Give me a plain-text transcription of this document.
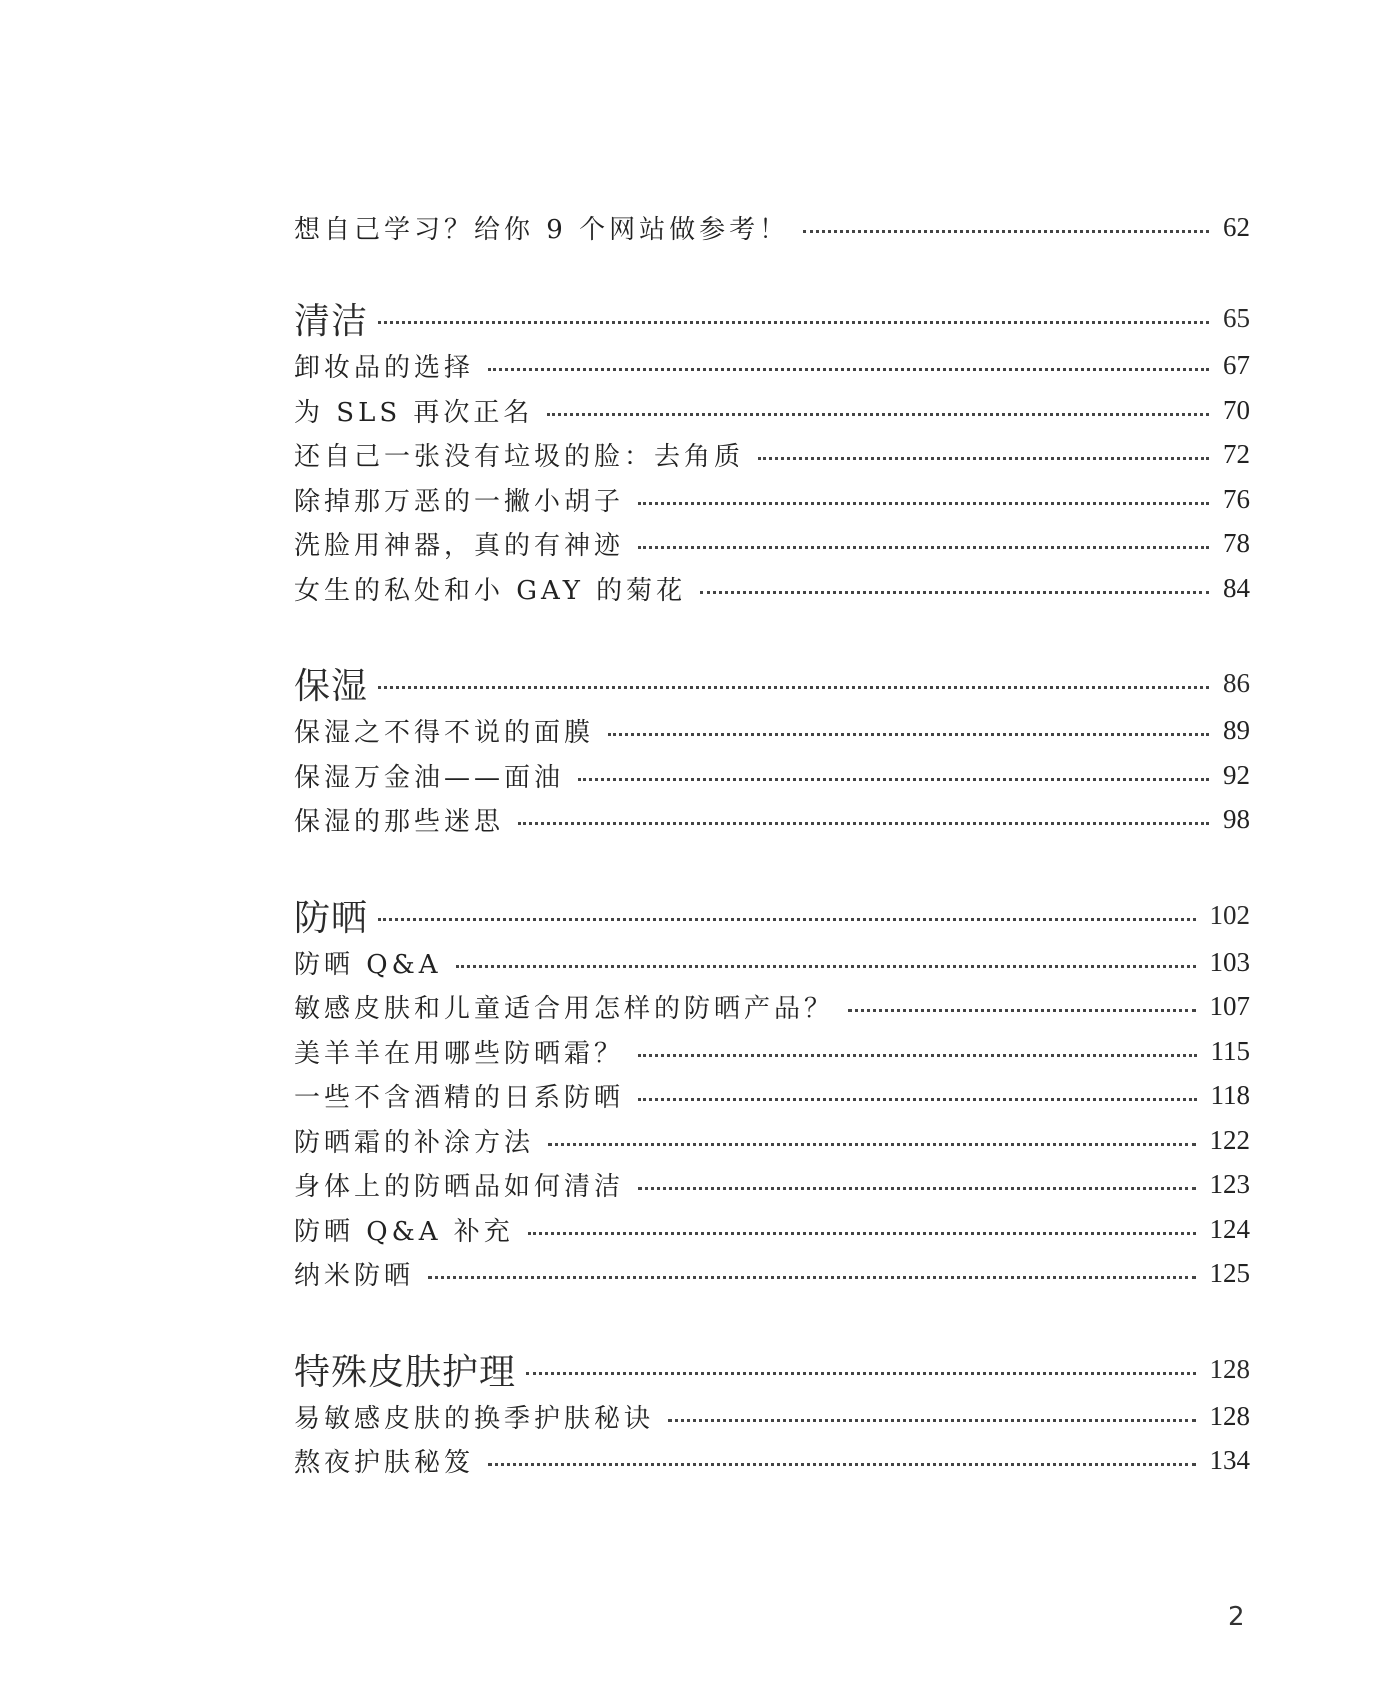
想自己学习？给你 9 个网站做参考！	62
清洁	65
卸妆品的选择	67
为 SLS 再次正名	70
还自己一张没有垃圾的脸：去角质	72
除掉那万恶的一撇小胡子	76
洗脸用神器，真的有神迹	78
女生的私处和小 GAY 的菊花	84
保湿	86
保湿之不得不说的面膜	89
保湿万金油——面油	92
保湿的那些迷思	98
防晒	102
防晒 Q&A	103
敏感皮肤和儿童适合用怎样的防晒产品？	107
美羊羊在用哪些防晒霜？	115
一些不含酒精的日系防晒	118
防晒霜的补涂方法	122
身体上的防晒品如何清洁	123
防晒 Q&A 补充	124
纳米防晒	125
特殊皮肤护理	128
易敏感皮肤的换季护肤秘诀	128
熬夜护肤秘笈	134
2
